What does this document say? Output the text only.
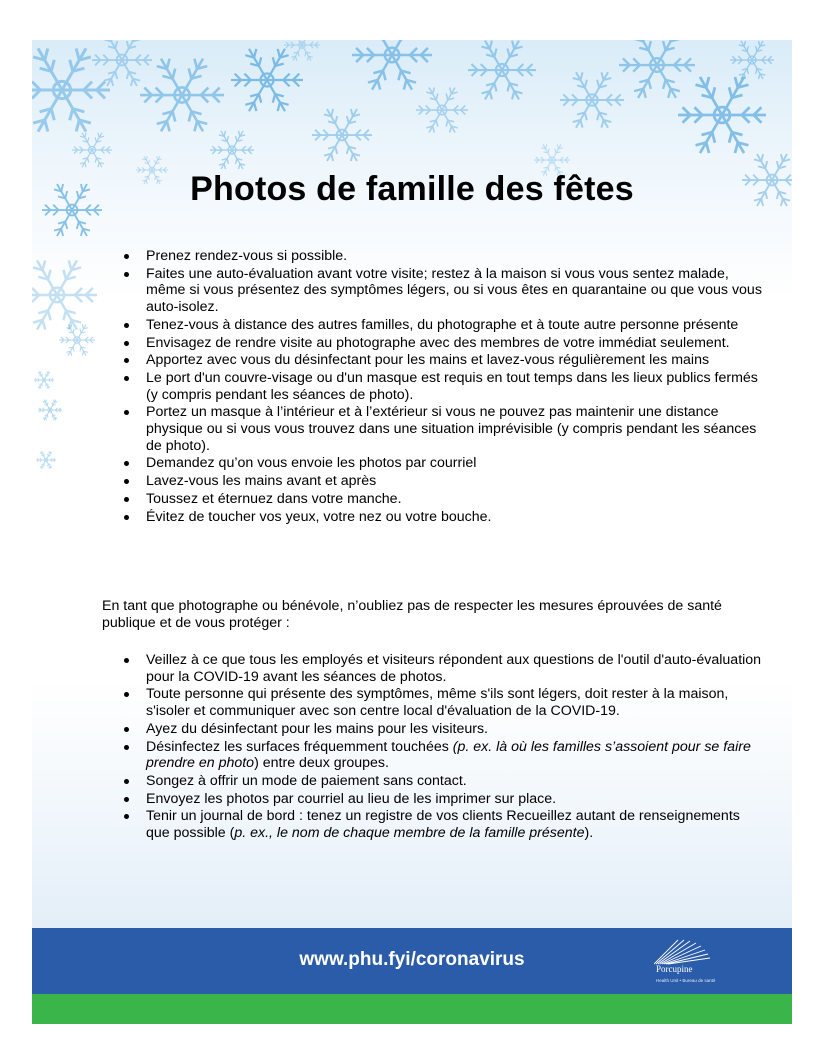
Photos de famille des fêtes
Prenez rendez-vous si possible.
Faites une auto-évaluation avant votre visite; restez à la maison si vous vous sentez malade, même si vous présentez des symptômes légers, ou si vous êtes en quarantaine ou que vous vous auto-isolez.
Tenez-vous à distance des autres familles, du photographe et à toute autre personne présente
Envisagez de rendre visite au photographe avec des membres de votre immédiat seulement.
Apportez avec vous du désinfectant pour les mains et lavez-vous régulièrement les mains
Le port d'un couvre-visage ou d'un masque est requis en tout temps dans les lieux publics fermés (y compris pendant les séances de photo).
Portez un masque à l’intérieur et à l’extérieur si vous ne pouvez pas maintenir une distance physique ou si vous vous trouvez dans une situation imprévisible (y compris pendant les séances de photo).
Demandez qu’on vous envoie les photos par courriel
Lavez-vous les mains avant et après
Toussez et éternuez dans votre manche.
Évitez de toucher vos yeux, votre nez ou votre bouche.

En tant que photographe ou bénévole, n’oubliez pas de respecter les mesures éprouvées de santé publique et de vous protéger :

Veillez à ce que tous les employés et visiteurs répondent aux questions de l'outil d'auto-évaluation pour la COVID-19 avant les séances de photos.
Toute personne qui présente des symptômes, même s'ils sont légers, doit rester à la maison, s'isoler et communiquer avec son centre local d'évaluation de la COVID-19.
Ayez du désinfectant pour les mains pour les visiteurs.
Désinfectez les surfaces fréquemment touchées (p. ex. là où les familles s’assoient pour se faire prendre en photo) entre deux groupes.
Songez à offrir un mode de paiement sans contact.
Envoyez les photos par courriel au lieu de les imprimer sur place.
Tenir un journal de bord : tenez un registre de vos clients Recueillez autant de renseignements que possible (p. ex., le nom de chaque membre de la famille présente).
www.phu.fyi/coronavirus	Porcupine
Health Unit • Bureau de santé
